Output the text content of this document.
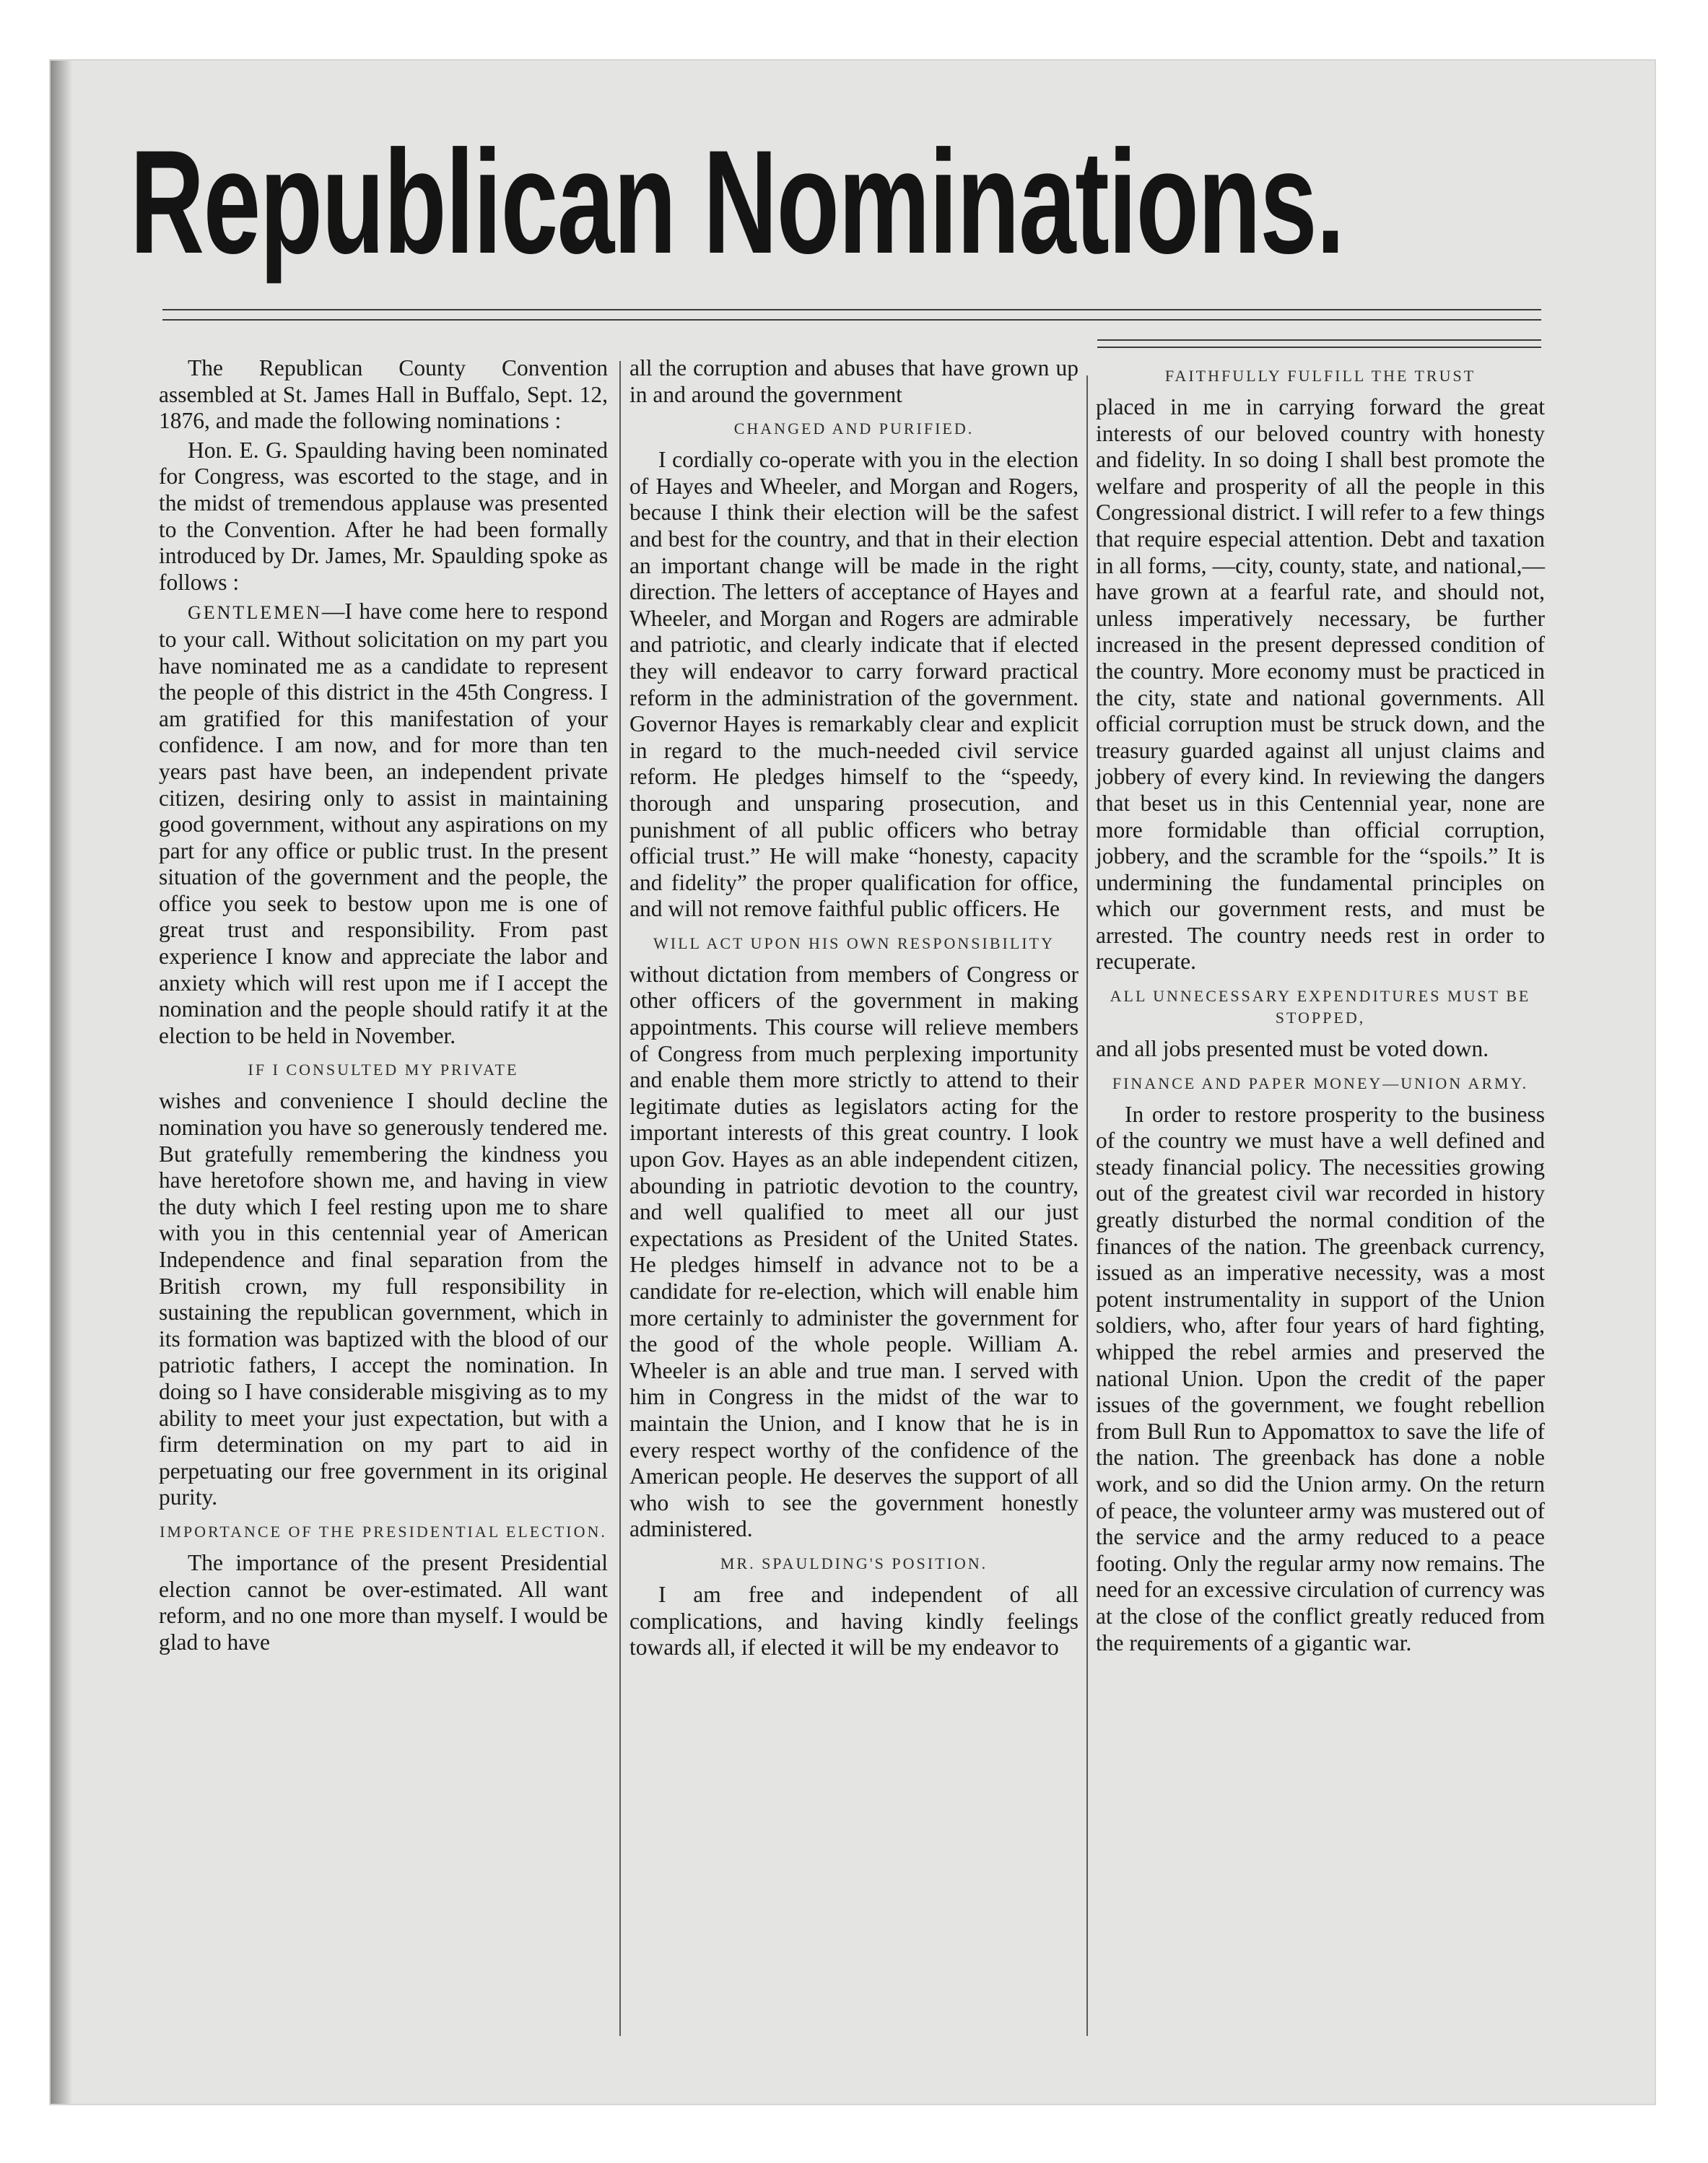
Republican Nominations.

The Republican County Convention assembled at St. James Hall in Buffalo, Sept. 12, 1876, and made the following nominations :

Hon. E. G. Spaulding having been nominated for Congress, was escorted to the stage, and in the midst of tremendous applause was presented to the Convention. After he had been formally introduced by Dr. James, Mr. Spaulding spoke as follows :

GENTLEMEN—I have come here to respond to your call. Without solicitation on my part you have nominated me as a candidate to represent the people of this district in the 45th Congress. I am gratified for this manifestation of your confidence. I am now, and for more than ten years past have been, an independent private citizen, desiring only to assist in maintaining good government, without any aspirations on my part for any office or public trust. In the present situation of the government and the people, the office you seek to bestow upon me is one of great trust and responsibility. From past experience I know and appreciate the labor and anxiety which will rest upon me if I accept the nomination and the people should ratify it at the election to be held in November.

IF I CONSULTED MY PRIVATE

wishes and convenience I should decline the nomination you have so generously tendered me. But gratefully remembering the kindness you have heretofore shown me, and having in view the duty which I feel resting upon me to share with you in this centennial year of American Independence and final separation from the British crown, my full responsibility in sustaining the republican government, which in its formation was baptized with the blood of our patriotic fathers, I accept the nomination. In doing so I have considerable misgiving as to my ability to meet your just expectation, but with a firm determination on my part to aid in perpetuating our free government in its original purity.

IMPORTANCE OF THE PRESIDENTIAL ELECTION.

The importance of the present Presidential election cannot be over-estimated. All want reform, and no one more than myself. I would be glad to have

all the corruption and abuses that have grown up in and around the government

CHANGED AND PURIFIED.

I cordially co-operate with you in the election of Hayes and Wheeler, and Morgan and Rogers, because I think their election will be the safest and best for the country, and that in their election an important change will be made in the right direction. The letters of acceptance of Hayes and Wheeler, and Morgan and Rogers are admirable and patriotic, and clearly indicate that if elected they will endeavor to carry forward practical reform in the administration of the government. Governor Hayes is remarkably clear and explicit in regard to the much-needed civil service reform. He pledges himself to the “speedy, thorough and unsparing prosecution, and punishment of all public officers who betray official trust.” He will make “honesty, capacity and fidelity” the proper qualification for office, and will not remove faithful public officers. He

WILL ACT UPON HIS OWN RESPONSIBILITY

without dictation from members of Congress or other officers of the government in making appointments. This course will relieve members of Congress from much perplexing importunity and enable them more strictly to attend to their legitimate duties as legislators acting for the important interests of this great country. I look upon Gov. Hayes as an able independent citizen, abounding in patriotic devotion to the country, and well qualified to meet all our just expectations as President of the United States. He pledges himself in advance not to be a candidate for re-election, which will enable him more certainly to administer the government for the good of the whole people. William A. Wheeler is an able and true man. I served with him in Congress in the midst of the war to maintain the Union, and I know that he is in every respect worthy of the confidence of the American people. He deserves the support of all who wish to see the government honestly administered.

MR. SPAULDING'S POSITION.

I am free and independent of all complications, and having kindly feelings towards all, if elected it will be my endeavor to

FAITHFULLY FULFILL THE TRUST

placed in me in carrying forward the great interests of our beloved country with honesty and fidelity. In so doing I shall best promote the welfare and prosperity of all the people in this Congressional district. I will refer to a few things that require especial attention. Debt and taxation in all forms, —city, county, state, and national,— have grown at a fearful rate, and should not, unless imperatively necessary, be further increased in the present depressed condition of the country. More economy must be practiced in the city, state and national governments. All official corruption must be struck down, and the treasury guarded against all unjust claims and jobbery of every kind. In reviewing the dangers that beset us in this Centennial year, none are more formidable than official corruption, jobbery, and the scramble for the “spoils.” It is undermining the fundamental principles on which our government rests, and must be arrested. The country needs rest in order to recuperate.

ALL UNNECESSARY EXPENDITURES MUST BE STOPPED,

and all jobs presented must be voted down.

FINANCE AND PAPER MONEY—UNION ARMY.

In order to restore prosperity to the business of the country we must have a well defined and steady financial policy. The necessities growing out of the greatest civil war recorded in history greatly disturbed the normal condition of the finances of the nation. The greenback currency, issued as an imperative necessity, was a most potent instrumentality in support of the Union soldiers, who, after four years of hard fighting, whipped the rebel armies and preserved the national Union. Upon the credit of the paper issues of the government, we fought rebellion from Bull Run to Appomattox to save the life of the nation. The greenback has done a noble work, and so did the Union army. On the return of peace, the volunteer army was mustered out of the service and the army reduced to a peace footing. Only the regular army now remains. The need for an excessive circulation of currency was at the close of the conflict greatly reduced from the requirements of a gigantic war.
